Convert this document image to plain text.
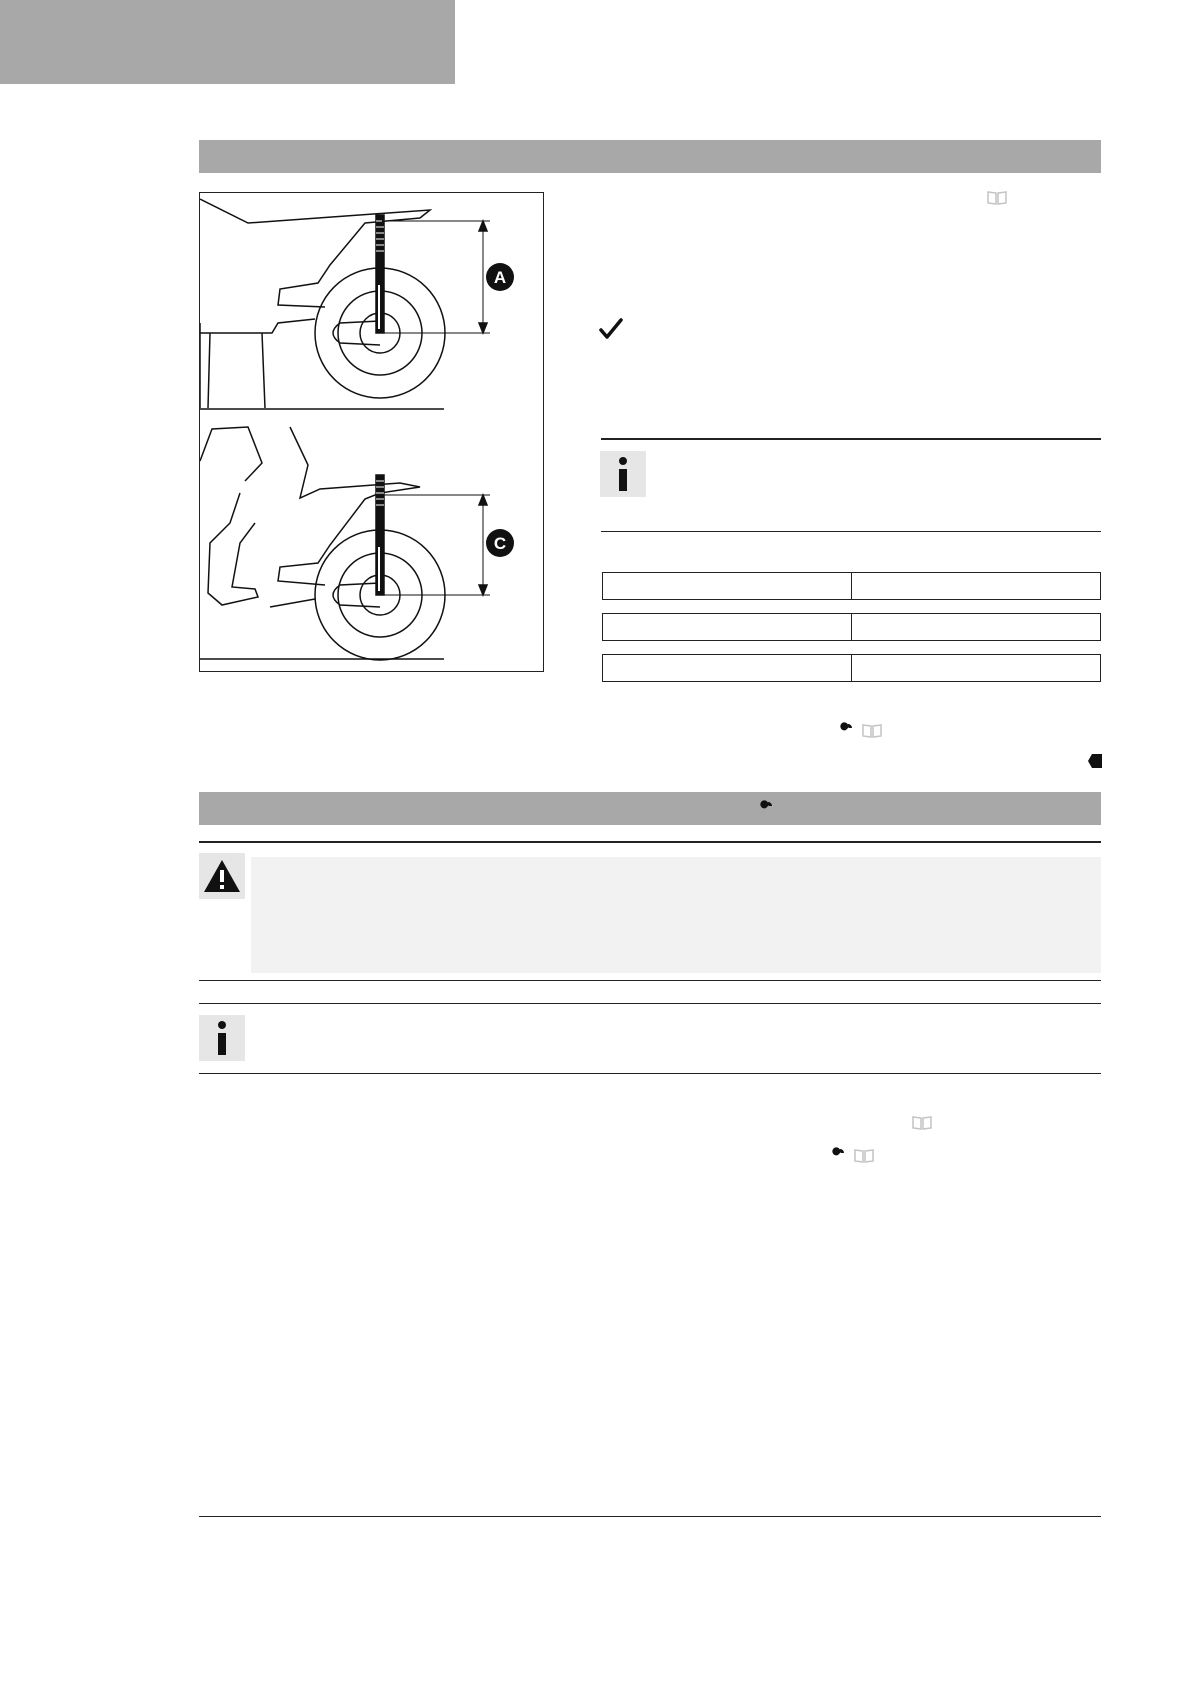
A
C
